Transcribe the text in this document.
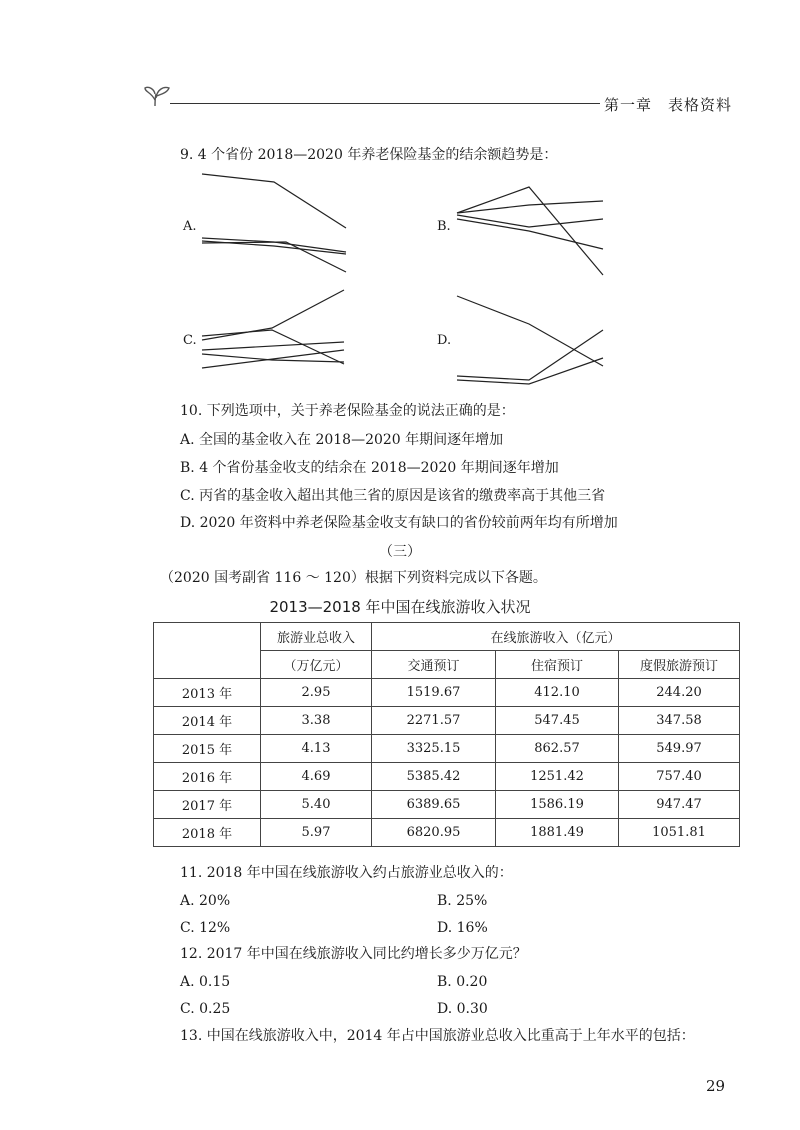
第一章　表格资料
9. 4 个省份 2018—2020 年养老保险基金的结余额趋势是：
A.	B.
C.	D.
10. 下列选项中，关于养老保险基金的说法正确的是：
A. 全国的基金收入在 2018—2020 年期间逐年增加
B. 4 个省份基金收支的结余在 2018—2020 年期间逐年增加
C. 丙省的基金收入超出其他三省的原因是该省的缴费率高于其他三省
D. 2020 年资料中养老保险基金收支有缺口的省份较前两年均有所增加
（三）
（2020 国考副省 116 ～ 120）根据下列资料完成以下各题。
2013—2018 年中国在线旅游收入状况
	旅游业总收入	在线旅游收入（亿元）		
	（万亿元）	交通预订	住宿预订	度假旅游预订
2013 年	2.95	1519.67	412.10	244.20
2014 年	3.38	2271.57	547.45	347.58
2015 年	4.13	3325.15	862.57	549.97
2016 年	4.69	5385.42	1251.42	757.40
2017 年	5.40	6389.65	1586.19	947.47
2018 年	5.97	6820.95	1881.49	1051.81
11. 2018 年中国在线旅游收入约占旅游业总收入的：
A. 20%	B. 25%
C. 12%	D. 16%
12. 2017 年中国在线旅游收入同比约增长多少万亿元？
A. 0.15	B. 0.20
C. 0.25	D. 0.30
13. 中国在线旅游收入中，2014 年占中国旅游业总收入比重高于上年水平的包括：
29
